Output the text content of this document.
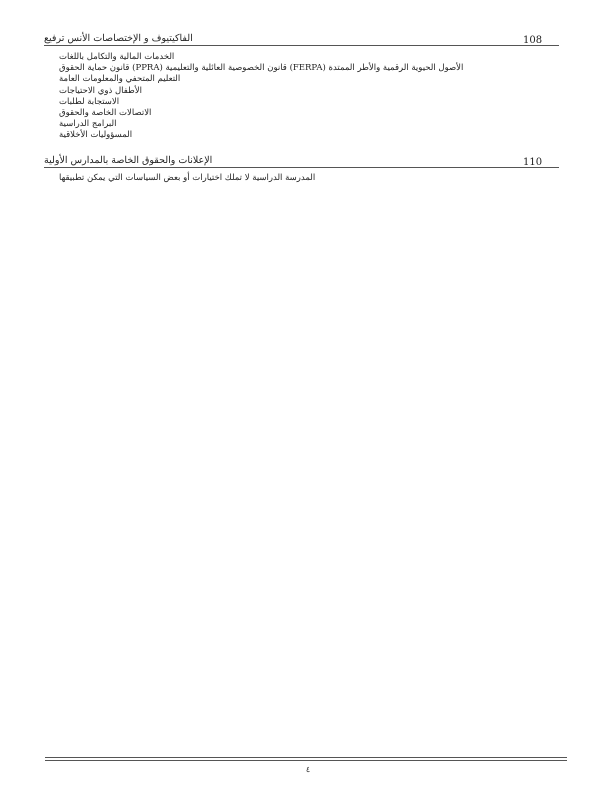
الفاكيتيوف و الإختصاصات الأنس ترفيع	108
الخدمات المالية والتكامل باللغات
الأصول الحيوية الرقمية والأطر الممتدة (FERPA) قانون الخصوصية العائلية والتعليمية (PPRA) قانون حماية الحقوق
التعليم المتحفي والمعلومات العامة
الأطفال ذوي الاحتياجات
الاستجابة لطلبات
الاتصالات الخاصة والحقوق
البرامج الدراسية
المسؤوليات الأخلاقية
الإعلانات والحقوق الخاصة بالمدارس الأولية	110
المدرسة الدراسية لا تملك اختيارات أو بعض السياسات التي يمكن تطبيقها
٤
